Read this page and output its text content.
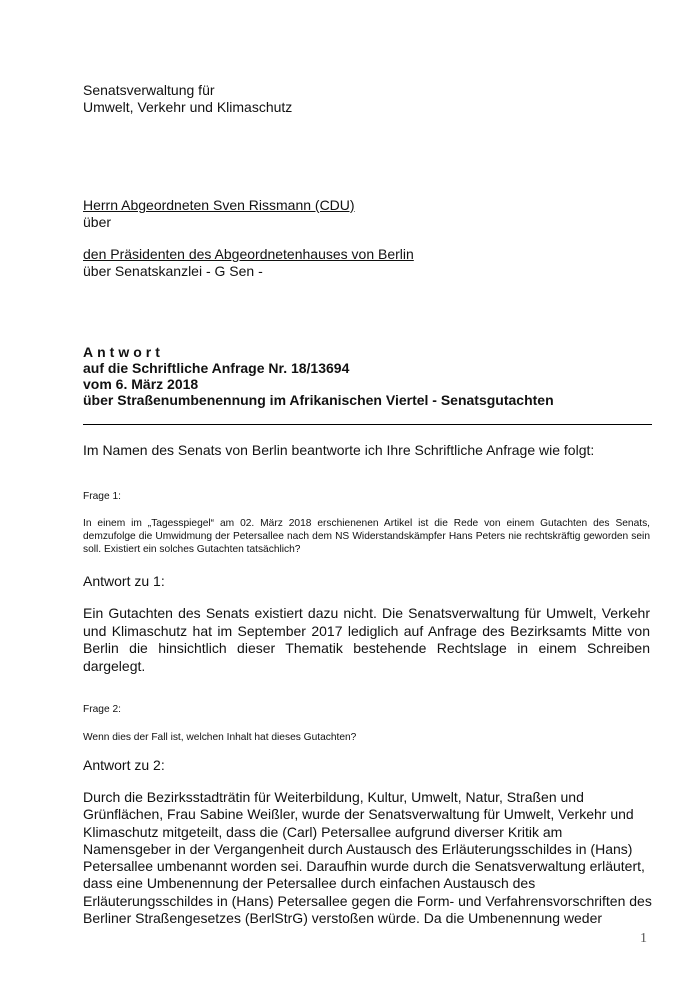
Senatsverwaltung für

Umwelt, Verkehr und Klimaschutz

Herrn Abgeordneten Sven Rissmann (CDU)

über

den Präsidenten des Abgeordnetenhauses von Berlin

über Senatskanzlei - G Sen -

Antwort

auf die Schriftliche Anfrage Nr. 18/13694

vom 6. März 2018

über Straßenumbenennung im Afrikanischen Viertel - Senatsgutachten

Im Namen des Senats von Berlin beantworte ich Ihre Schriftliche Anfrage wie folgt:

Frage 1:

In einem im „Tagesspiegel“ am 02. März 2018 erschienenen Artikel ist die Rede von einem Gutachten des Senats, demzufolge die Umwidmung der Petersallee nach dem NS Widerstandskämpfer Hans Peters nie rechtskräftig geworden sein soll. Existiert ein solches Gutachten tatsächlich?

Antwort zu 1:

Ein Gutachten des Senats existiert dazu nicht. Die Senatsverwaltung für Umwelt, Verkehr und Klimaschutz hat im September 2017 lediglich auf Anfrage des Bezirksamts Mitte von Berlin die hinsichtlich dieser Thematik bestehende Rechtslage in einem Schreiben dargelegt.

Frage 2:

Wenn dies der Fall ist, welchen Inhalt hat dieses Gutachten?

Antwort zu 2:

Durch die Bezirksstadträtin für Weiterbildung, Kultur, Umwelt, Natur, Straßen und Grünflächen, Frau Sabine Weißler, wurde der Senatsverwaltung für Umwelt, Verkehr und Klimaschutz mitgeteilt, dass die (Carl) Petersallee aufgrund diverser Kritik am Namensgeber in der Vergangenheit durch Austausch des Erläuterungsschildes in (Hans) Petersallee umbenannt worden sei. Daraufhin wurde durch die Senatsverwaltung erläutert, dass eine Umbenennung der Petersallee durch einfachen Austausch des Erläuterungsschildes in (Hans) Petersallee gegen die Form- und Verfahrensvorschriften des Berliner Straßengesetzes (BerlStrG) verstoßen würde. Da die Umbenennung weder

1
